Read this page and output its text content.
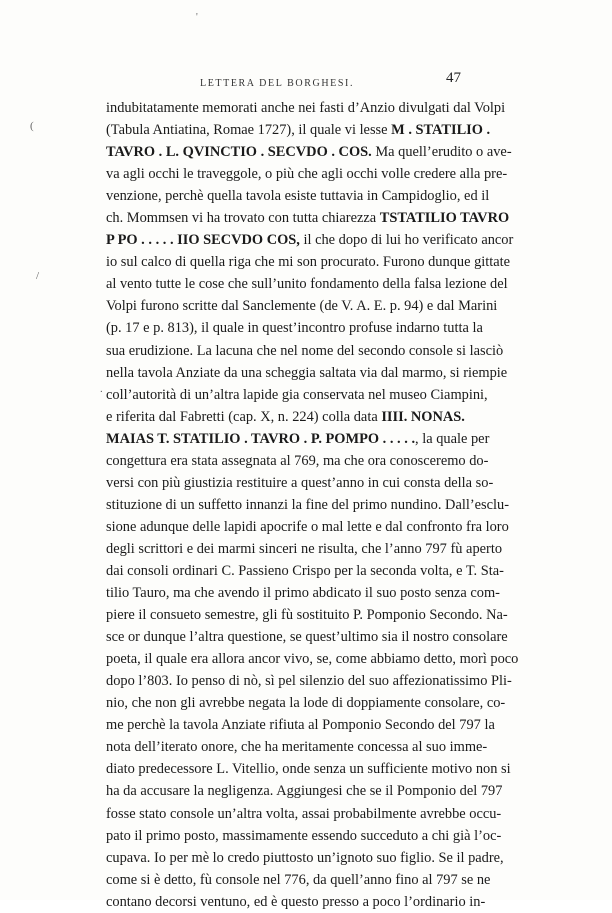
'
(
/
.
LETTERA DEL BORGHESI.	47
indubitatamente memorati anche nei fasti d’Anzio divulgati dal Volpi
(Tabula Antiatina, Romae 1727), il quale vi lesse M . STATILIO .
TAVRO . L. QVINCTIO . SECVDO . COS. Ma quell’erudito o ave-
va agli occhi le traveggole, o più che agli occhi volle credere alla pre-
venzione, perchè quella tavola esiste tuttavia in Campidoglio, ed il
ch. Mommsen vi ha trovato con tutta chiarezza TSTATILIO TAVRO
P PO . . . . . IIO SECVDO COS, il che dopo di lui ho verificato ancor
io sul calco di quella riga che mi son procurato. Furono dunque gittate
al vento tutte le cose che sull’unito fondamento della falsa lezione del
Volpi furono scritte dal Sanclemente (de V. A. E. p. 94) e dal Marini
(p. 17 e p. 813), il quale in quest’incontro profuse indarno tutta la
sua erudizione. La lacuna che nel nome del secondo console si lasciò
nella tavola Anziate da una scheggia saltata via dal marmo, si riempie
coll’autorità di un’altra lapide gia conservata nel museo Ciampini,
e riferita dal Fabretti (cap. X, n. 224) colla data IIII. NONAS.
MAIAS T. STATILIO . TAVRO . P. POMPO . . . . ., la quale per
congettura era stata assegnata al 769, ma che ora conosceremo do-
versi con più giustizia restituire a quest’anno in cui consta della so-
stituzione di un suffetto innanzi la fine del primo nundino. Dall’esclu-
sione adunque delle lapidi apocrife o mal lette e dal confronto fra loro
degli scrittori e dei marmi sinceri ne risulta, che l’anno 797 fù aperto
dai consoli ordinari C. Passieno Crispo per la seconda volta, e T. Sta-
tilio Tauro, ma che avendo il primo abdicato il suo posto senza com-
piere il consueto semestre, gli fù sostituito P. Pomponio Secondo. Na-
sce or dunque l’altra questione, se quest’ultimo sia il nostro consolare
poeta, il quale era allora ancor vivo, se, come abbiamo detto, morì poco
dopo l’803. Io penso di nò, sì pel silenzio del suo affezionatissimo Pli-
nio, che non gli avrebbe negata la lode di doppiamente consolare, co-
me perchè la tavola Anziate rifiuta al Pomponio Secondo del 797 la
nota dell’iterato onore, che ha meritamente concessa al suo imme-
diato predecessore L. Vitellio, onde senza un sufficiente motivo non si
ha da accusare la negligenza. Aggiungesi che se il Pomponio del 797
fosse stato console un’altra volta, assai probabilmente avrebbe occu-
pato il primo posto, massimamente essendo succeduto a chi già l’oc-
cupava. Io per mè lo credo piuttosto un’ignoto suo figlio. Se il padre,
come si è detto, fù console nel 776, da quell’anno fino al 797 se ne
contano decorsi ventuno, ed è questo presso a poco l’ordinario in-
